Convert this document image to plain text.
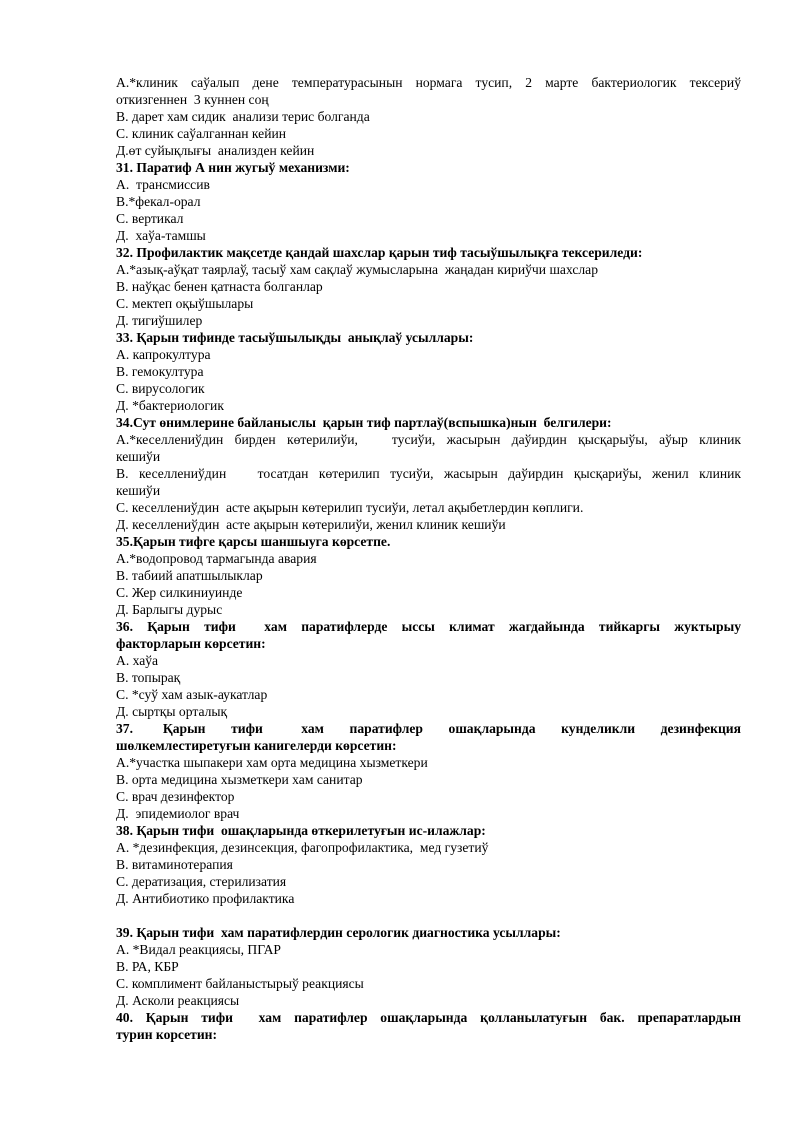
А.*клиник саўалып дене температурасынын нормага тусип, 2 марте бактериологик тексериў

откизгеннен  3 куннен соң

В. дарет хам сидик  анализи терис болганда

С. клиник саўалганнан кейин

Д.өт суйықлығы  анализден кейин

31. Паратиф А нин жугыў механизми:

А.  трансмиссив

В.*фекал-орал

С. вертикал

Д.  хаўа-тамшы

32. Профилактик мақсетде қандай шахслар қарын тиф тасыўшылықға тексериледи:

А.*азық-аўқат таярлаў, тасыў хам сақлаў жумысларына  жаңадан кириўчи шахслар

В. наўқас бенен қатнаста болганлар

С. мектеп оқыўшылары

Д. тигиўшилер

33. Қарын тифинде тасыўшылықды  анықлаў усыллары:

А. капрокултура

В. гемокултура

С. вирусологик

Д. *бактериологик

34.Сут өнимлерине байланыслы  қарын тиф партлаў(вспышка)нын  белгилери:

А.*кеселлениўдин бирден көтерилиўи,   тусиўи, жасырын даўирдин қысқарыўы, аўыр клиник

кешиўи

В. кеселлениўдин   тосатдан көтерилип тусиўи, жасырын даўирдин қысқариўы, женил клиник

кешиўи

С. кеселлениўдин  асте ақырын көтерилип тусиўи, летал ақыбетлердин көплиги.

Д. кеселлениўдин  асте ақырын көтерилиўи, женил клиник кешиўи

35.Қарын тифге қарсы шаншыуга көрсетпе.

А.*водопровод тармагында авария

В. табиий апатшылыклар

С. Жер силкиниуинде

Д. Барлыгы дурыс

36.  Қарын  тифи    хам  паратифлерде  ыссы  климат  жагдайында  тийкаргы  жуктырыу

факторларын көрсетин:

А. хаўа

В. топырақ

С. *суў хам азык-аукатлар

Д. сыртқы орталық

37.       Қарын      тифи         хам      паратифлер      ошақларында      кунделикли      дезинфекция

шөлкемлестиретуғын канигелерди көрсетин:

А.*участка шыпакери хам орта медицина хызметкери

В. орта медицина хызметкери хам санитар

С. врач дезинфектор

Д.  эпидемиолог врач

38. Қарын тифи  ошақларында өткерилетуғын ис-илажлар:

А. *дезинфекция, дезинсекция, фагопрофилактика,  мед гузетиў

В. витаминотерапия

С. дератизация, стерилизатия

Д. Антибиотико профилактика

39. Қарын тифи  хам паратифлердин серологик диагностика усыллары:

А. *Видал реакциясы, ПГАР

В. РА, КБР

С. комплимент байланыстырыў реакциясы

Д. Асколи реакциясы

40.  Қарын  тифи    хам  паратифлер  ошақларында  қолланылатуғын  бак.  препаратлардын

турин корсетин:
